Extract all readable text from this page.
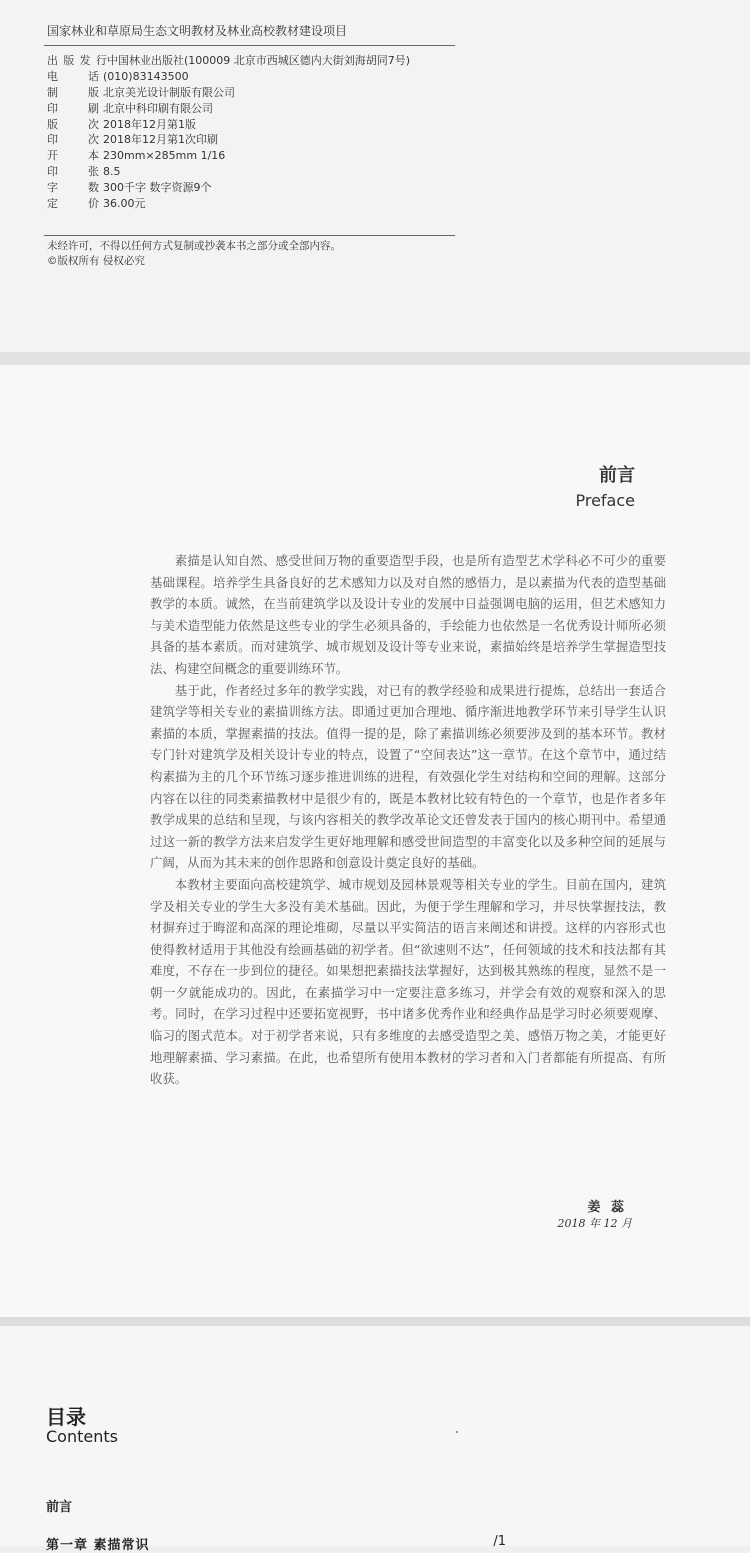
国家林业和草原局生态文明教材及林业高校教材建设项目
出 版 发 行 中国林业出版社(100009 北京市西城区德内大街刘海胡同7号)
电	话 (010)83143500
制	版 北京美光设计制版有限公司
印	刷 北京中科印刷有限公司
版	次 2018年12月第1版
印	次 2018年12月第1次印刷
开	本 230mm×285mm 1/16
印	张 8.5
字	数 300千字 数字资源9个
定	价 36.00元
未经许可，不得以任何方式复制或抄袭本书之部分或全部内容。
©版权所有 侵权必究
前言
Preface

素描是认知自然、感受世间万物的重要造型手段，也是所有造型艺术学科必不可少的重要基础课程。培养学生具备良好的艺术感知力以及对自然的感悟力，是以素描为代表的造型基础教学的本质。诚然，在当前建筑学以及设计专业的发展中日益强调电脑的运用，但艺术感知力与美术造型能力依然是这些专业的学生必须具备的，手绘能力也依然是一名优秀设计师所必须具备的基本素质。而对建筑学、城市规划及设计等专业来说，素描始终是培养学生掌握造型技法、构建空间概念的重要训练环节。

基于此，作者经过多年的教学实践，对已有的教学经验和成果进行提炼，总结出一套适合建筑学等相关专业的素描训练方法。即通过更加合理地、循序渐进地教学环节来引导学生认识素描的本质，掌握素描的技法。值得一提的是，除了素描训练必须要涉及到的基本环节。教材专门针对建筑学及相关设计专业的特点，设置了“空间表达”这一章节。在这个章节中，通过结构素描为主的几个环节练习逐步推进训练的进程，有效强化学生对结构和空间的理解。这部分内容在以往的同类素描教材中是很少有的，既是本教材比较有特色的一个章节，也是作者多年教学成果的总结和呈现，与该内容相关的教学改革论文还曾发表于国内的核心期刊中。希望通过这一新的教学方法来启发学生更好地理解和感受世间造型的丰富变化以及多种空间的延展与广阔，从而为其未来的创作思路和创意设计奠定良好的基础。

本教材主要面向高校建筑学、城市规划及园林景观等相关专业的学生。目前在国内，建筑学及相关专业的学生大多没有美术基础。因此，为便于学生理解和学习，并尽快掌握技法，教材摒弃过于晦涩和高深的理论堆砌，尽量以平实简洁的语言来阐述和讲授。这样的内容形式也使得教材适用于其他没有绘画基础的初学者。但“欲速则不达”，任何领域的技术和技法都有其难度，不存在一步到位的捷径。如果想把素描技法掌握好，达到极其熟练的程度，显然不是一朝一夕就能成功的。因此，在素描学习中一定要注意多练习，并学会有效的观察和深入的思考。同时，在学习过程中还要拓宽视野，书中诸多优秀作业和经典作品是学习时必须要观摩、临习的图式范本。对于初学者来说，只有多维度的去感受造型之美、感悟万物之美，才能更好地理解素描、学习素描。在此，也希望所有使用本教材的学习者和入门者都能有所提高、有所收获。

姜 蕊
2018 年 12 月
目录
Contents
前言
第一章 素描常识	/1
